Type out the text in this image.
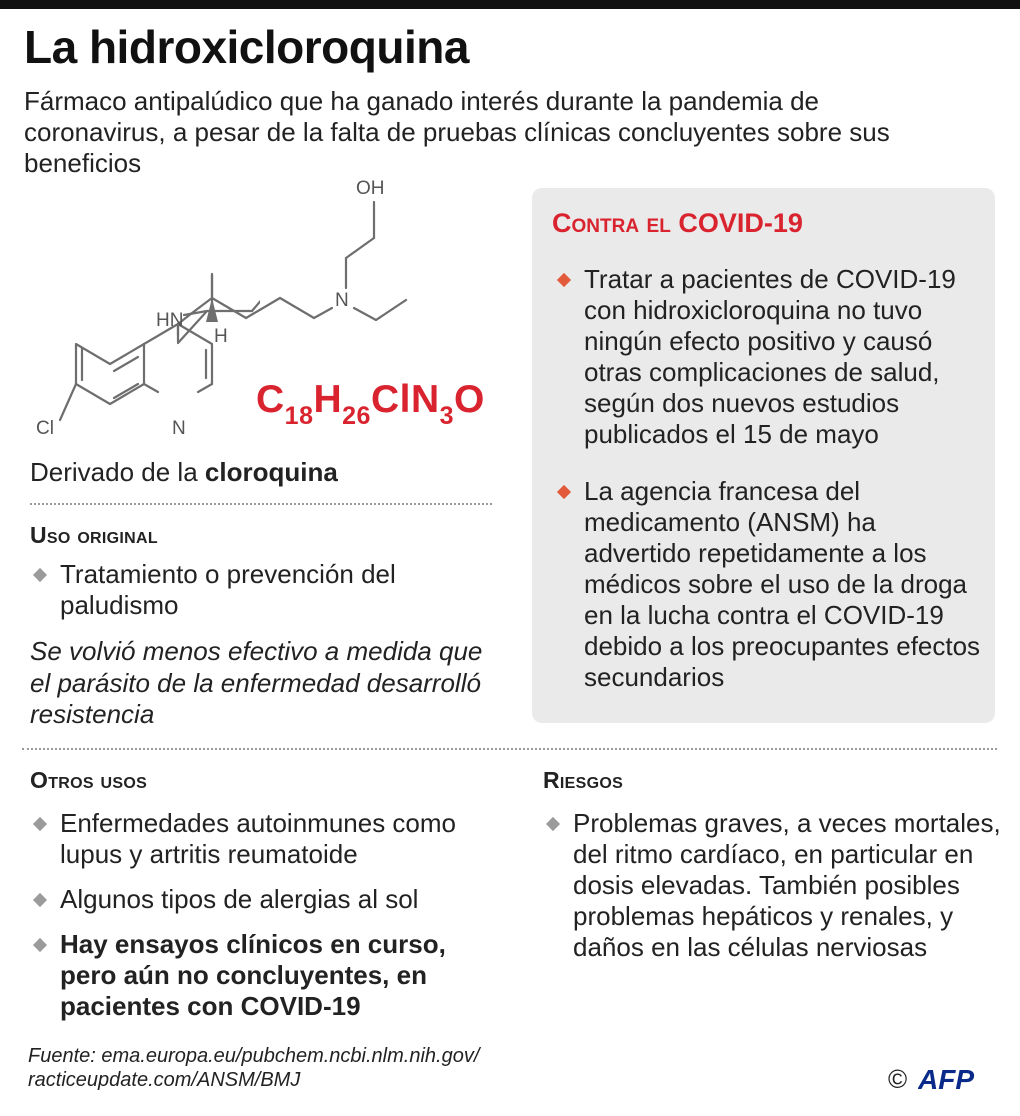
La hidroxicloroquina

Fármaco antipalúdico que ha ganado interés durante la pandemia de coronavirus, a pesar de la falta de pruebas clínicas concluyentes sobre sus beneficios

OH
N
HN
H
Cl	N
$C_{18}H_{26}ClN_3O$

Derivado de la cloroquina

Uso original
Tratamiento o prevención del paludismo

Se volvió menos efectivo a medida que el parásito de la enfermedad desarrolló resistencia

Contra el COVID-19
Tratar a pacientes de COVID-19 con hidroxicloroquina no tuvo ningún efecto positivo y causó otras complicaciones de salud, según dos nuevos estudios publicados el 15 de mayo
La agencia francesa del medicamento (ANSM) ha advertido repetidamente a los médicos sobre el uso de la droga en la lucha contra el COVID-19 debido a los preocupantes efectos secundarios
Otros usos
Enfermedades autoinmunes como lupus y artritis reumatoide
Algunos tipos de alergias al sol
Hay ensayos clínicos en curso, pero aún no concluyentes, en pacientes con COVID-19
Riesgos
Problemas graves, a veces mortales, del ritmo cardíaco, en particular en dosis elevadas. También posibles problemas hepáticos y renales, y daños en las células nerviosas

Fuente: ema.europa.eu/pubchem.ncbi.nlm.nih.gov/
racticeupdate.com/ANSM/BMJ	© AFP
